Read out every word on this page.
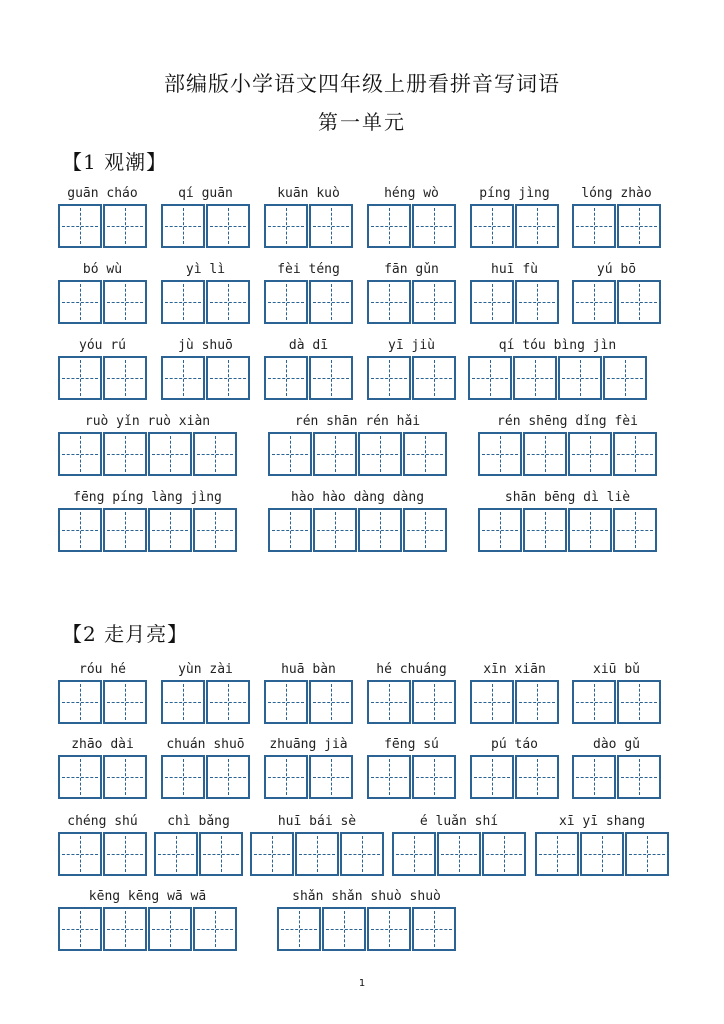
部编版小学语文四年级上册看拼音写词语
第一单元
【1 观潮】
guān cháo	qí guān	kuān kuò	héng wò	píng jìng	lóng zhào
bó wù	yì lì	fèi téng	fān gǔn	huī fù	yú bō
yóu rú	jù shuō	dà dī	yī jiù	qí tóu bìng jìn
ruò yǐn ruò xiàn	rén shān rén hǎi	rén shēng dǐng fèi
fēng píng làng jìng	hào hào dàng dàng	shān bēng dì liè
【2 走月亮】
róu hé	yùn zài	huā bàn	hé chuáng	xīn xiān	xiū bǔ
zhāo dài	chuán shuō	zhuāng jià	fēng sú	pú táo	dào gǔ
chéng shú	chì bǎng	huī bái sè	é luǎn shí	xī yī shang
kēng kēng wā wā	shǎn shǎn shuò shuò
1
